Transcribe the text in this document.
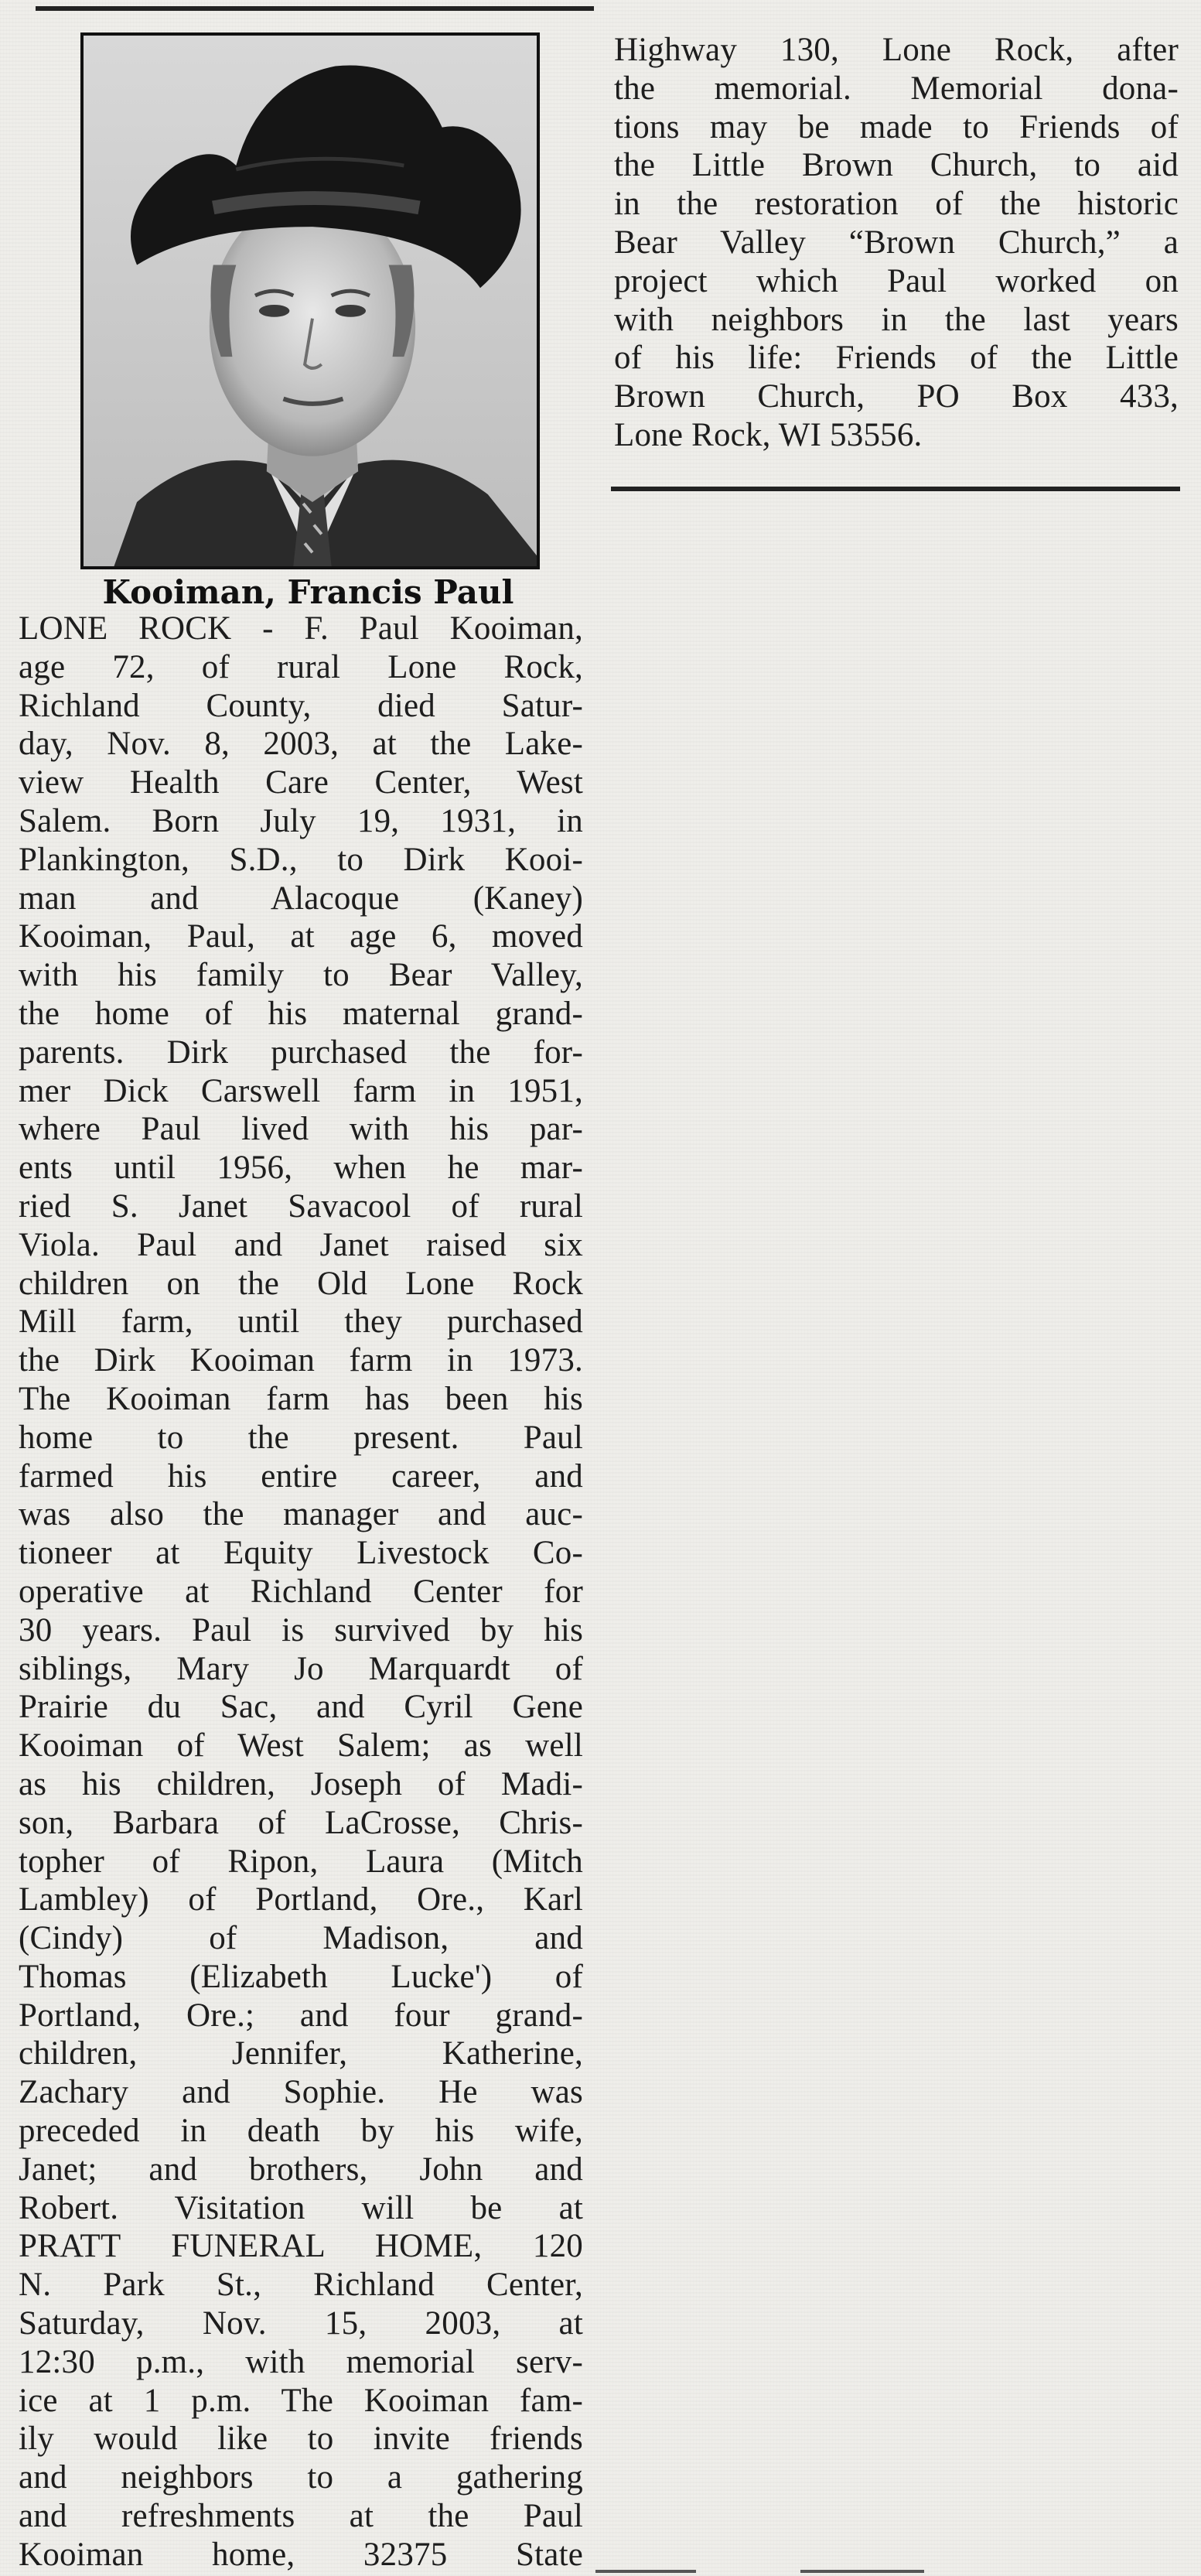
Kooiman, Francis Paul
LONE ROCK - F. Paul Kooiman,
age 72, of rural Lone Rock,
Richland County, died Satur-
day, Nov. 8, 2003, at the Lake-
view Health Care Center, West
Salem. Born July 19, 1931, in
Plankington, S.D., to Dirk Kooi-
man and Alacoque (Kaney)
Kooiman, Paul, at age 6, moved
with his family to Bear Valley,
the home of his maternal grand-
parents. Dirk purchased the for-
mer Dick Carswell farm in 1951,
where Paul lived with his par-
ents until 1956, when he mar-
ried S. Janet Savacool of rural
Viola. Paul and Janet raised six
children on the Old Lone Rock
Mill farm, until they purchased
the Dirk Kooiman farm in 1973.
The Kooiman farm has been his
home to the present. Paul
farmed his entire career, and
was also the manager and auc-
tioneer at Equity Livestock Co-
operative at Richland Center for
30 years. Paul is survived by his
siblings, Mary Jo Marquardt of
Prairie du Sac, and Cyril Gene
Kooiman of West Salem; as well
as his children, Joseph of Madi-
son, Barbara of LaCrosse, Chris-
topher of Ripon, Laura (Mitch
Lambley) of Portland, Ore., Karl
(Cindy) of Madison, and
Thomas (Elizabeth Lucke') of
Portland, Ore.; and four grand-
children, Jennifer, Katherine,
Zachary and Sophie. He was
preceded in death by his wife,
Janet; and brothers, John and
Robert. Visitation will be at
PRATT FUNERAL HOME, 120
N. Park St., Richland Center,
Saturday, Nov. 15, 2003, at
12:30 p.m., with memorial serv-
ice at 1 p.m. The Kooiman fam-
ily would like to invite friends
and neighbors to a gathering
and refreshments at the Paul
Kooiman home, 32375 State
Highway 130, Lone Rock, after
the memorial. Memorial dona-
tions may be made to Friends of
the Little Brown Church, to aid
in the restoration of the historic
Bear Valley “Brown Church,” a
project which Paul worked on
with neighbors in the last years
of his life: Friends of the Little
Brown Church, PO Box 433,
Lone Rock, WI 53556.
